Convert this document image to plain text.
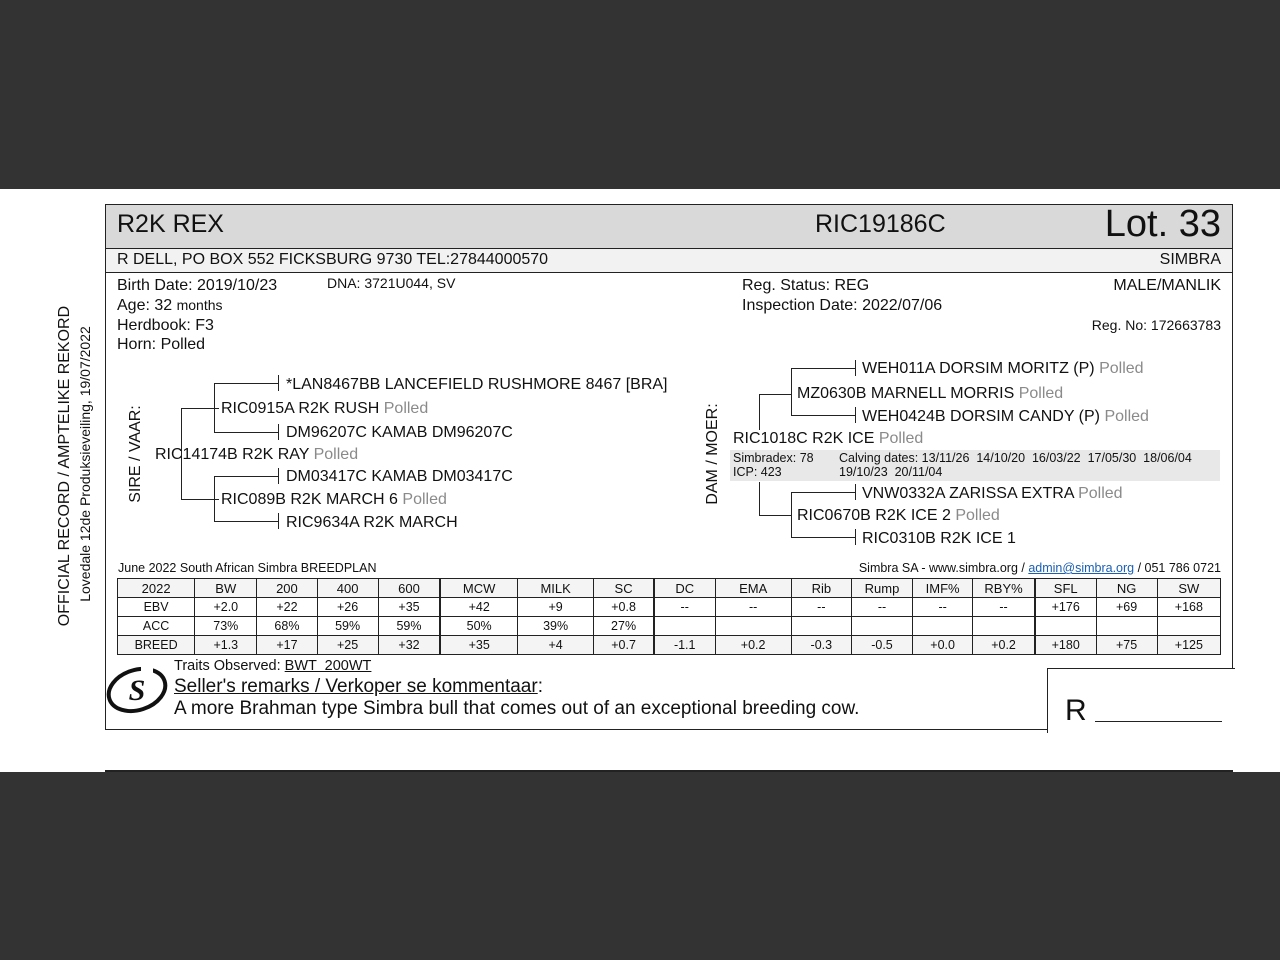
OFFICIAL RECORD / AMPTELIKE REKORD Lovedale 12de Produksieveiling, 19/07/2022
R2K REX	RIC19186C	Lot. 33
R DELL, PO BOX 552 FICKSBURG 9730 TEL:27844000570	SIMBRA
Birth Date: 2019/10/23	DNA: 3721U044, SV
Age: 32 months
Herdbook: F3
Horn: Polled
Reg. Status: REG
Inspection Date: 2022/07/06
MALE/MANLIK
Reg. No: 172663783
SIRE / VAAR:	DAM / MOER:
*LAN8467BB LANCEFIELD RUSHMORE 8467 [BRA]
RIC0915A R2K RUSH Polled
DM96207C KAMAB DM96207C
RIC14174B R2K RAY Polled
DM03417C KAMAB DM03417C
RIC089B R2K MARCH 6 Polled
RIC9634A R2K MARCH
WEH011A DORSIM MORITZ (P) Polled
MZ0630B MARNELL MORRIS Polled
WEH0424B DORSIM CANDY (P) Polled
RIC1018C R2K ICE Polled
Simbradex: 78
ICP: 423
Calving dates: 13/11/26  14/10/20  16/03/22  17/05/30  18/06/04
19/10/23  20/11/04
VNW0332A ZARISSA EXTRA Polled
RIC0670B R2K ICE 2 Polled
RIC0310B R2K ICE 1
June 2022 South African Simbra BREEDPLAN	Simbra SA - www.simbra.org / admin@simbra.org / 051 786 0721
2022	BW	200	400	600	MCW	MILK	SC	DC	EMA	Rib	Rump	IMF%	RBY%	SFL	NG	SW
EBV	+2.0	+22	+26	+35	+42	+9	+0.8	--	--	--	--	--	--	+176	+69	+168
ACC	73%	68%	59%	59%	50%	39%	27%									
BREED	+1.3	+17	+25	+32	+35	+4	+0.7	-1.1	+0.2	-0.3	-0.5	+0.0	+0.2	+180	+75	+125
S
Traits Observed: BWT  200WT
Seller's remarks / Verkoper se kommentaar:
A more Brahman type Simbra bull that comes out of an exceptional breeding cow.	R
